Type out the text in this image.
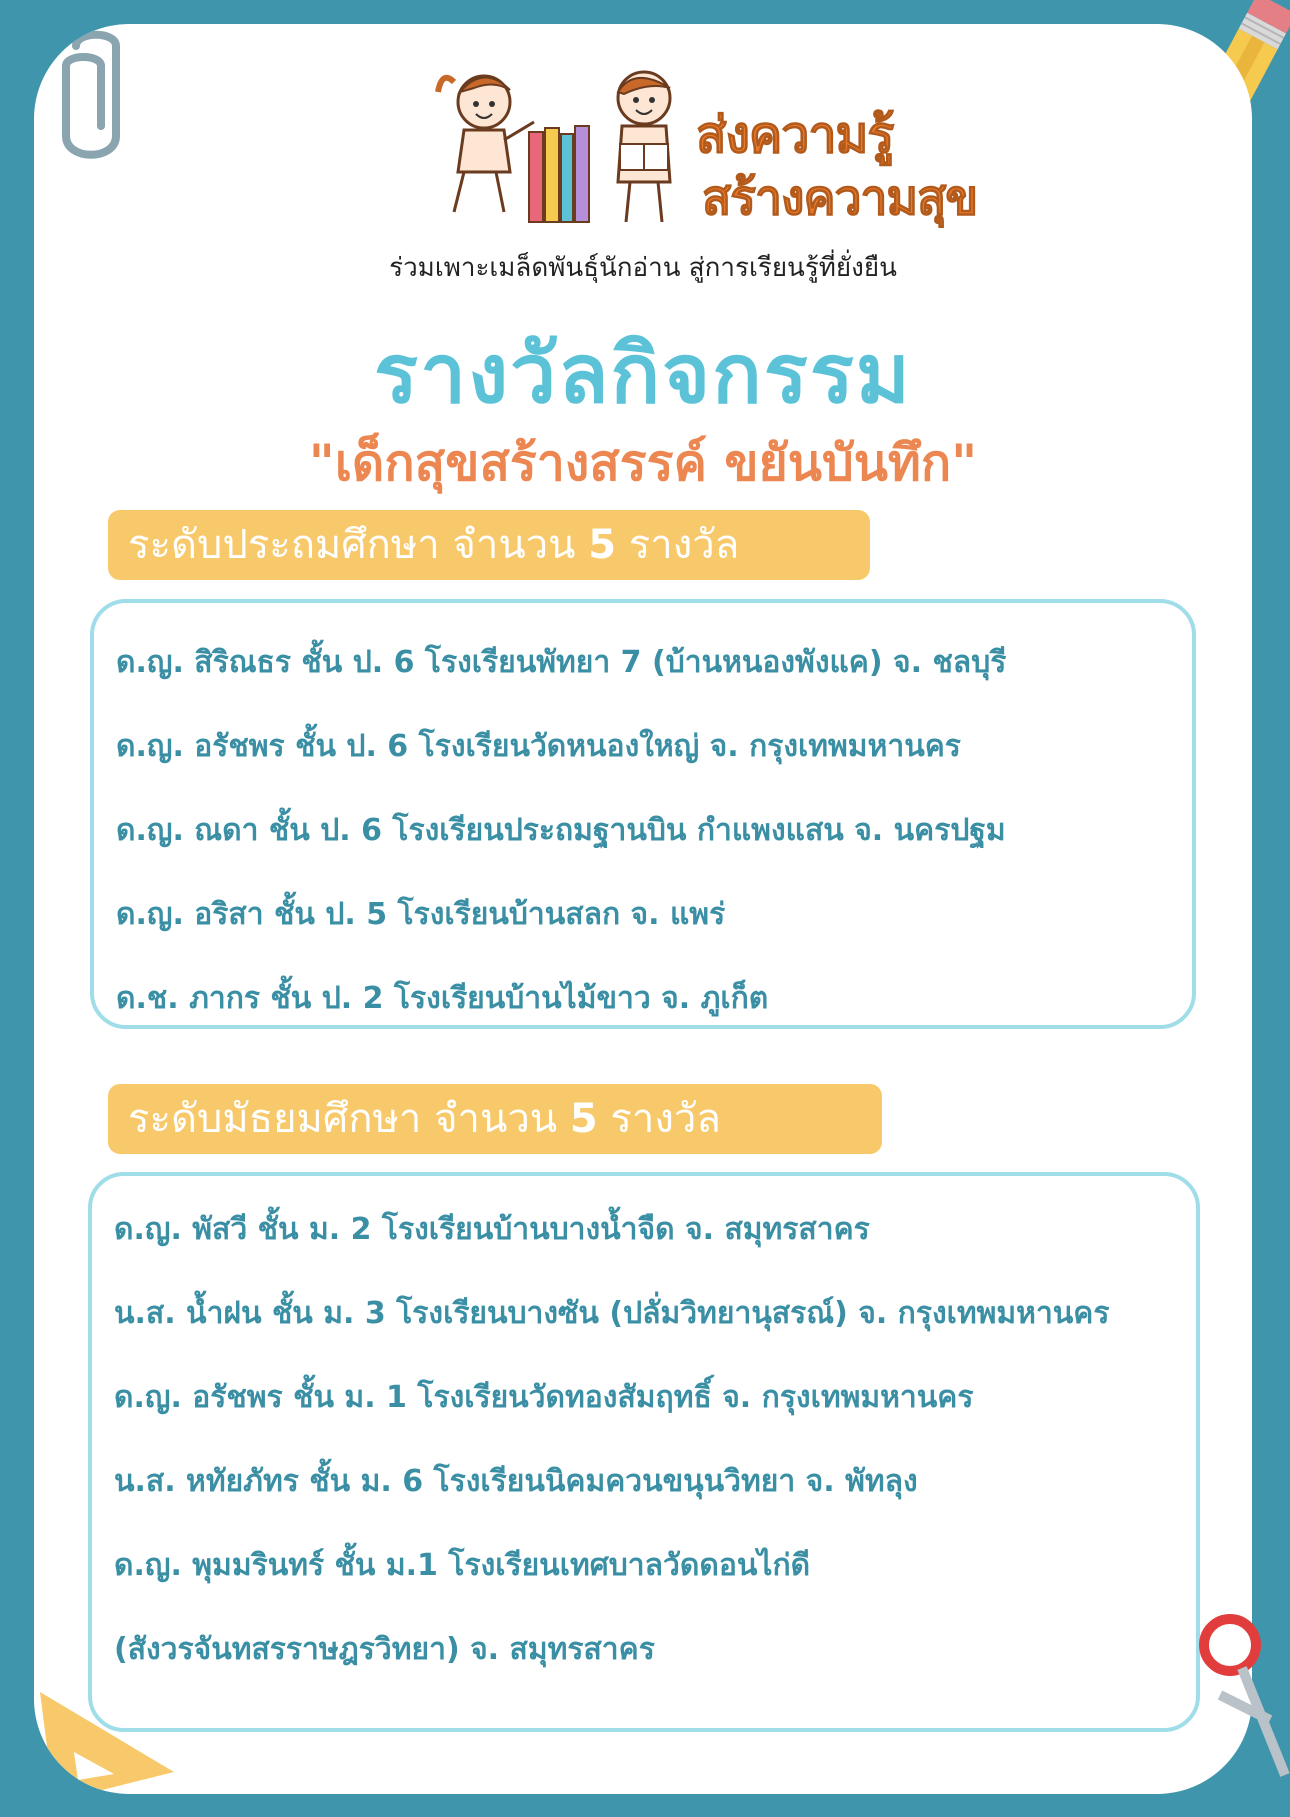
ส่งความรู้
สร้างความสุข
ร่วมเพาะเมล็ดพันธุ์นักอ่าน สู่การเรียนรู้ที่ยั่งยืน
รางวัลกิจกรรม
"เด็กสุขสร้างสรรค์ ขยันบันทึก"
ระดับประถมศึกษา จำนวน 5 รางวัล
ด.ญ. สิริณธร ชั้น ป. 6 โรงเรียนพัทยา 7 (บ้านหนองพังแค) จ. ชลบุรี
ด.ญ. อรัชพร ชั้น ป. 6 โรงเรียนวัดหนองใหญ่ จ. กรุงเทพมหานคร
ด.ญ. ณดา ชั้น ป. 6 โรงเรียนประถมฐานบิน กำแพงแสน จ. นครปฐม
ด.ญ. อริสา ชั้น ป. 5 โรงเรียนบ้านสลก จ. แพร่
ด.ช. ภากร ชั้น ป. 2 โรงเรียนบ้านไม้ขาว จ. ภูเก็ต
ระดับมัธยมศึกษา จำนวน 5 รางวัล
ด.ญ. พัสวี ชั้น ม. 2 โรงเรียนบ้านบางน้ำจืด จ. สมุทรสาคร
น.ส. น้ำฝน ชั้น ม. 3 โรงเรียนบางซัน (ปลั่มวิทยานุสรณ์) จ. กรุงเทพมหานคร
ด.ญ. อรัชพร ชั้น ม. 1 โรงเรียนวัดทองสัมฤทธิ์ จ. กรุงเทพมหานคร
น.ส. หทัยภัทร ชั้น ม. 6 โรงเรียนนิคมควนขนุนวิทยา จ. พัทลุง
ด.ญ. พุมมรินทร์ ชั้น ม.1 โรงเรียนเทศบาลวัดดอนไก่ดี
(สังวรจันทสรราษฎรวิทยา) จ. สมุทรสาคร
